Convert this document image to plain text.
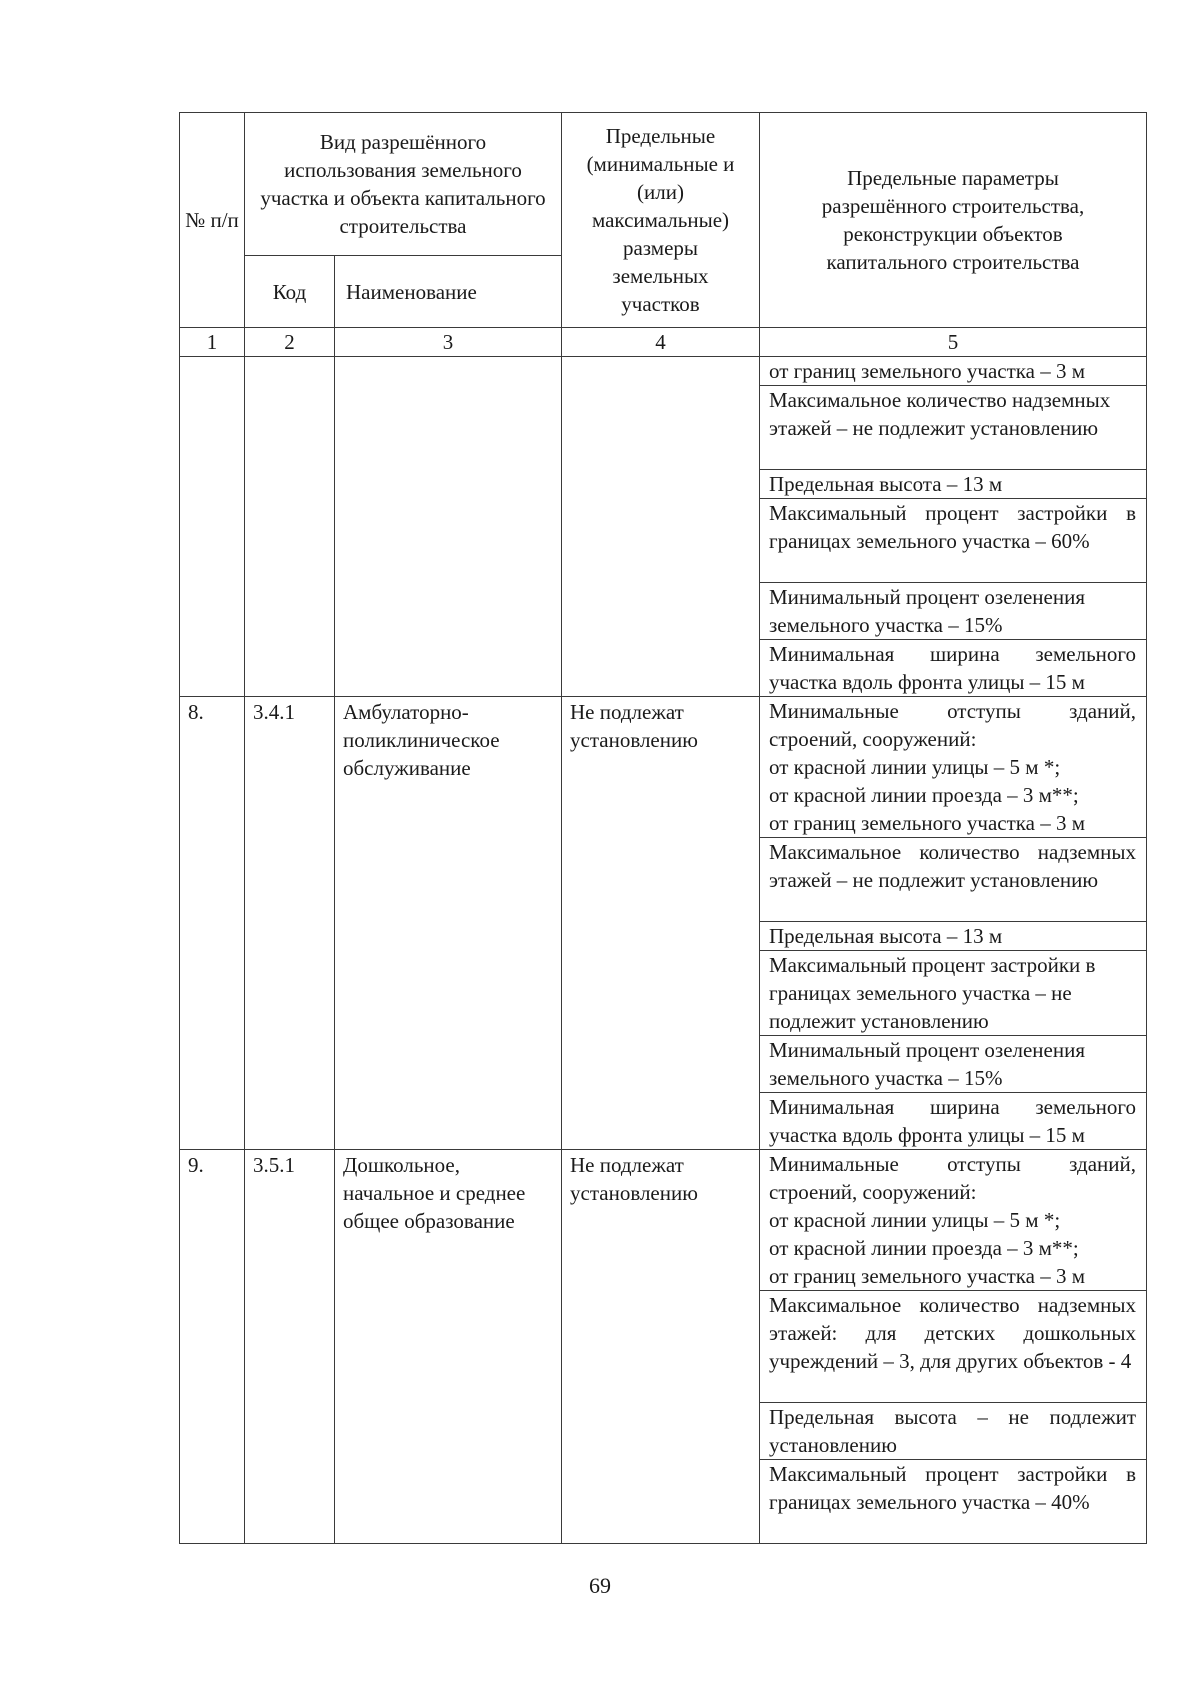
№ п/п	Вид разрешённого использования земельного участка и объекта капитального строительства		Предельные (минимальные и (или) максимальные) размеры земельных участков	Предельные параметры разрешённого строительства, реконструкции объектов капитального строительства
	Код	Наименование		
1	2	3	4	5

				от границ земельного участка – 3 м

				Максимальное количество надземных этажей – не подлежит установлению

				Предельная высота – 13 м

				Максимальный процент застройки в границах земельного участка – 60%

				Минимальный процент озеленения земельного участка – 15%

				Минимальная ширина земельного участка вдоль фронта улицы – 15 м

8.	3.4.1	Амбулаторно-поликлиническое обслуживание	Не подлежат установлению	Минимальные отступы зданий, строений, сооружений:
от красной линии улицы – 5 м *;
от красной линии проезда – 3 м**;
от границ земельного участка – 3 м

				Максимальное количество надземных этажей – не подлежит установлению

				Предельная высота – 13 м

				Максимальный процент застройки в границах земельного участка – не подлежит установлению

				Минимальный процент озеленения земельного участка – 15%

				Минимальная ширина земельного участка вдоль фронта улицы – 15 м

9.	3.5.1	Дошкольное, начальное и среднее общее образование	Не подлежат установлению	Минимальные отступы зданий, строений, сооружений:
от красной линии улицы – 5 м *;
от красной линии проезда – 3 м**;
от границ земельного участка – 3 м

				Максимальное количество надземных этажей: для детских дошкольных учреждений – 3, для других объектов - 4

				Предельная высота – не подлежит установлению

				Максимальный процент застройки в границах земельного участка – 40%
69
